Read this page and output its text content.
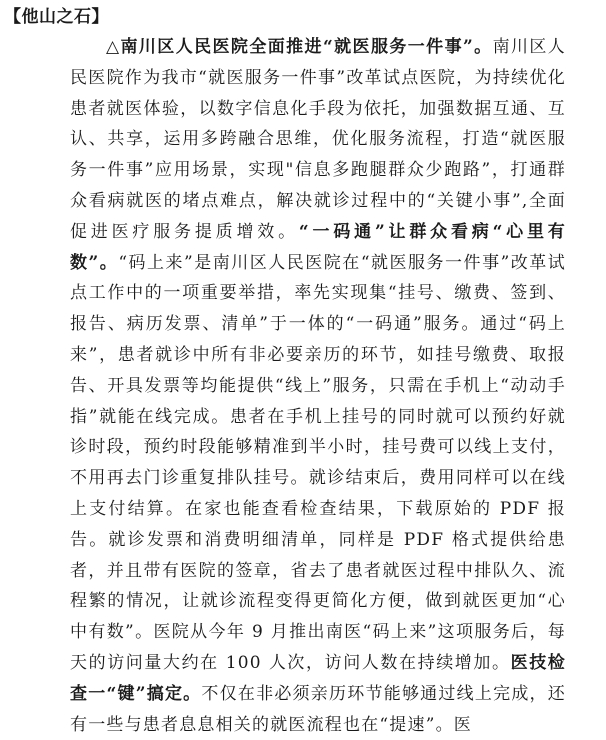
【他山之石】

△南川区人民医院全面推进“就医服务一件事”。南川区人民医院作为我市“就医服务一件事”改革试点医院，为持续优化患者就医体验，以数字信息化手段为依托，加强数据互通、互认、共享，运用多跨融合思维，优化服务流程，打造“就医服务一件事”应用场景，实现"信息多跑腿群众少跑路”，打通群众看病就医的堵点难点，解决就诊过程中的“关键小事”,全面促进医疗服务提质增效。“一码通”让群众看病“心里有数”。“码上来”是南川区人民医院在“就医服务一件事”改革试点工作中的一项重要举措，率先实现集“挂号、缴费、签到、报告、病历发票、清单”于一体的“一码通”服务。通过“码上来”，患者就诊中所有非必要亲历的环节，如挂号缴费、取报告、开具发票等均能提供“线上”服务，只需在手机上“动动手指”就能在线完成。患者在手机上挂号的同时就可以预约好就诊时段，预约时段能够精准到半小时，挂号费可以线上支付，不用再去门诊重复排队挂号。就诊结束后，费用同样可以在线上支付结算。在家也能查看检查结果，下载原始的 PDF 报告。就诊发票和消费明细清单，同样是 PDF 格式提供给患者，并且带有医院的签章，省去了患者就医过程中排队久、流程繁的情况，让就诊流程变得更简化方便，做到就医更加“心中有数”。医院从今年 9 月推出南医“码上来”这项服务后，每天的访问量大约在 100 人次，访问人数在持续增加。医技检查一“键”搞定。不仅在非必须亲历环节能够通过线上完成，还有一些与患者息息相关的就医流程也在“提速”。医
